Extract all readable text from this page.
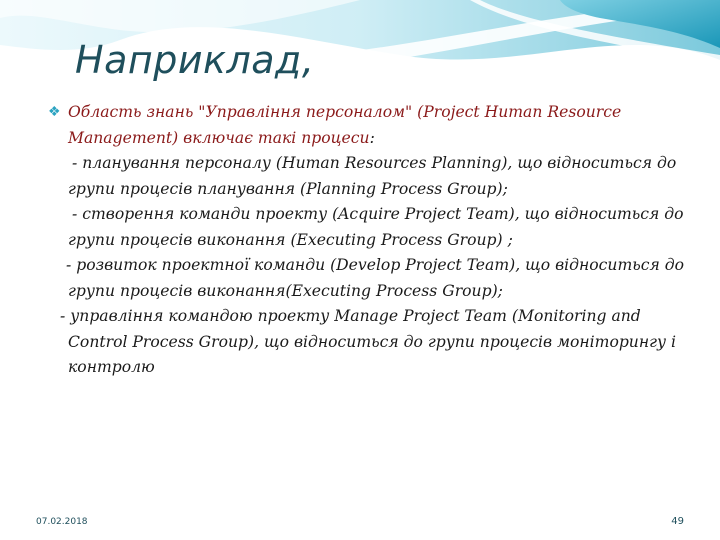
Наприклад,
❖ Область знань "Управління персоналом" (Project Human Resource Management) включає такі процеси:
- планування персоналу (Human Resources Planning), що відноситься до групи процесів планування (Planning Process Group);
- створення команди проекту (Acquire Project Team), що відноситься до групи процесів виконання (Executing Process Group) ;
- розвиток проектної команди (Develop Project Team), що відноситься до групи процесів виконання(Executing Process Group);
- управління командою проекту Manage Project Team (Monitoring and Control Process Group), що відноситься до групи процесів моніторингу і контролю
07.02.2018	49
